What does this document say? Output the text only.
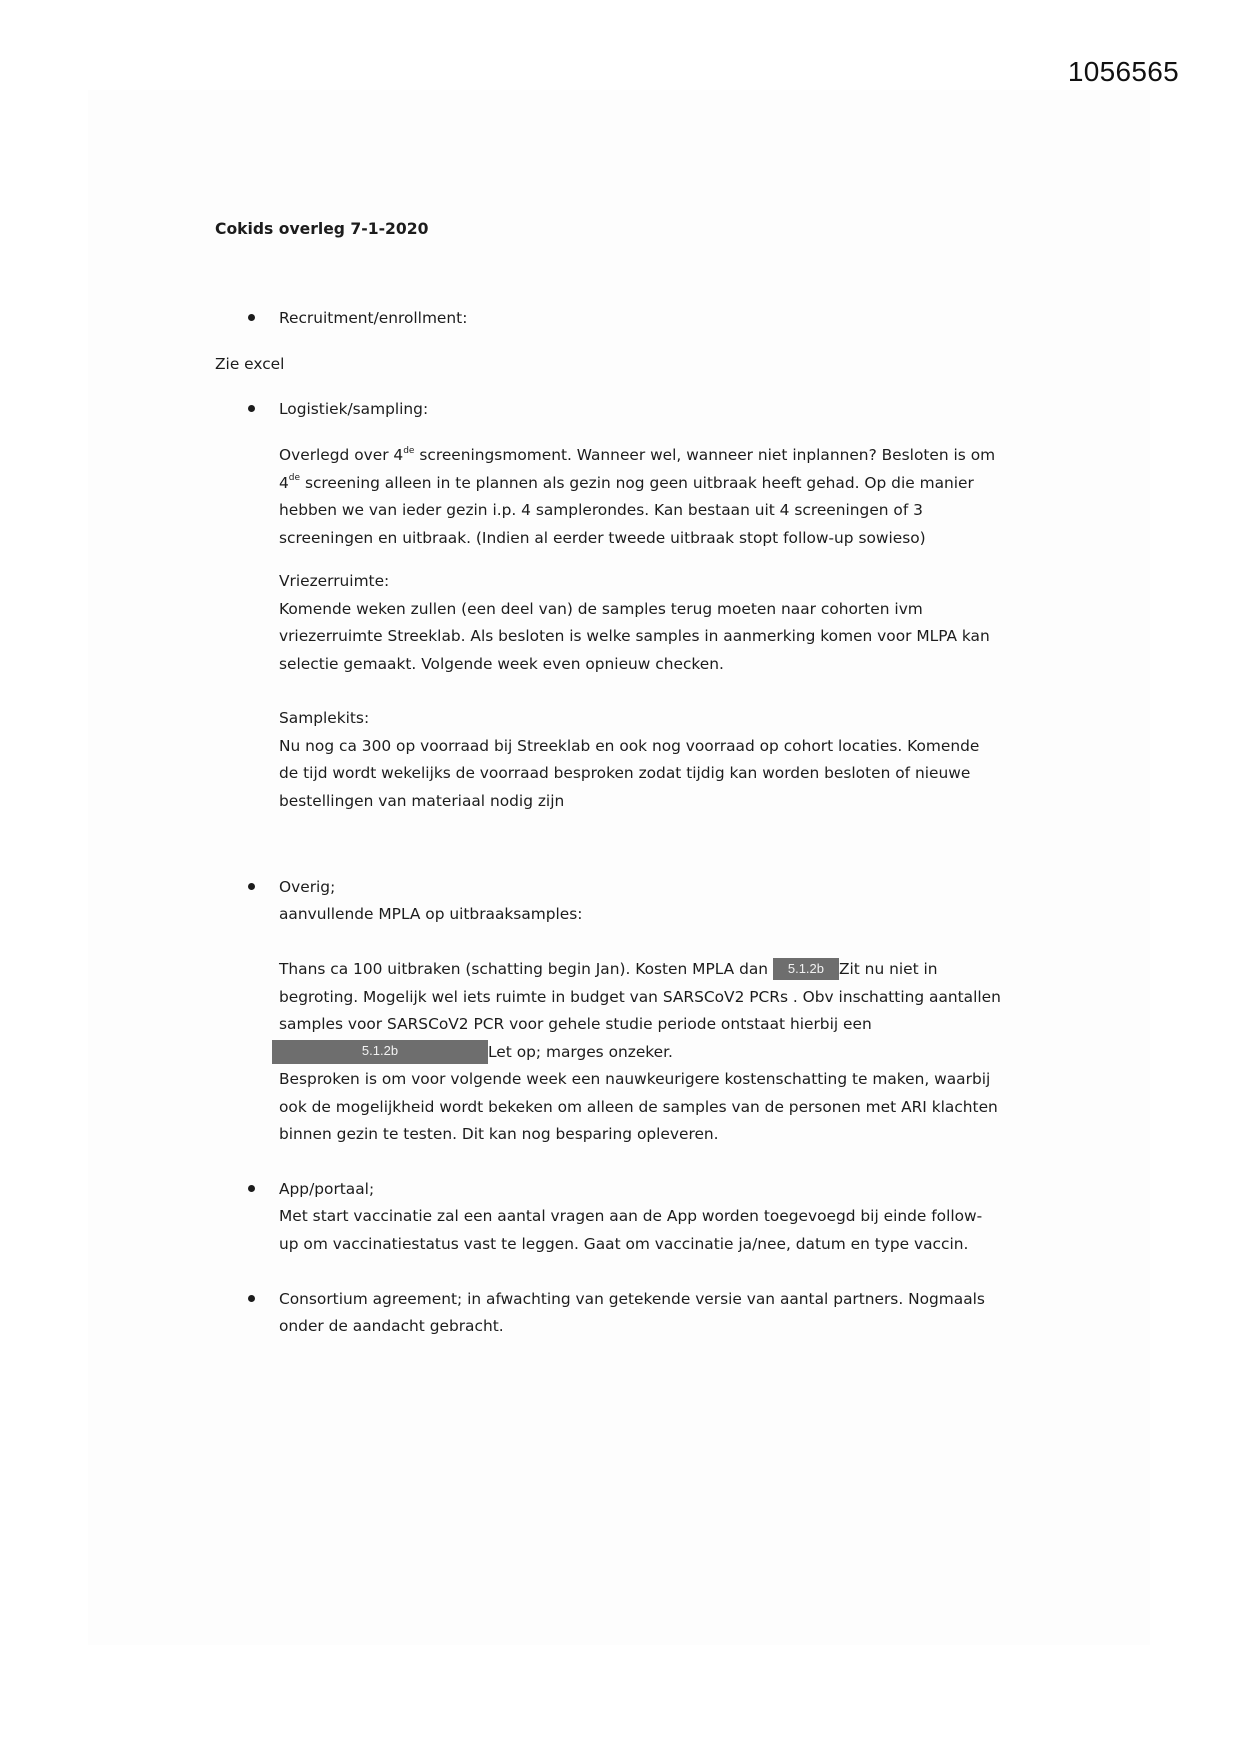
1056565
Cokids overleg 7-1-2020
Recruitment/enrollment:
Zie excel
Logistiek/sampling:
Overlegd over 4de screeningsmoment. Wanneer wel, wanneer niet inplannen? Besloten is om
4de screening alleen in te plannen als gezin nog geen uitbraak heeft gehad. Op die manier
hebben we van ieder gezin i.p. 4 samplerondes. Kan bestaan uit 4 screeningen of 3
screeningen en uitbraak. (Indien al eerder tweede uitbraak stopt follow-up sowieso)
Vriezerruimte:
Komende weken zullen (een deel van) de samples terug moeten naar cohorten ivm
vriezerruimte Streeklab. Als besloten is welke samples in aanmerking komen voor MLPA kan
selectie gemaakt. Volgende week even opnieuw checken.
Samplekits:
Nu nog ca 300 op voorraad bij Streeklab en ook nog voorraad op cohort locaties. Komende
de tijd wordt wekelijks de voorraad besproken zodat tijdig kan worden besloten of nieuwe
bestellingen van materiaal nodig zijn
Overig;
aanvullende MPLA op uitbraaksamples:
Thans ca 100 uitbraken (schatting begin Jan). Kosten MPLA dan 5.1.2b Zit nu niet in
begroting. Mogelijk wel iets ruimte in budget van SARSCoV2 PCRs . Obv inschatting aantallen
samples voor SARSCoV2 PCR voor gehele studie periode ontstaat hierbij een
5.1.2b	Let op; marges onzeker.
Besproken is om voor volgende week een nauwkeurigere kostenschatting te maken, waarbij
ook de mogelijkheid wordt bekeken om alleen de samples van de personen met ARI klachten
binnen gezin te testen. Dit kan nog besparing opleveren.
App/portaal;
Met start vaccinatie zal een aantal vragen aan de App worden toegevoegd bij einde follow-
up om vaccinatiestatus vast te leggen. Gaat om vaccinatie ja/nee, datum en type vaccin.
Consortium agreement; in afwachting van getekende versie van aantal partners. Nogmaals
onder de aandacht gebracht.
